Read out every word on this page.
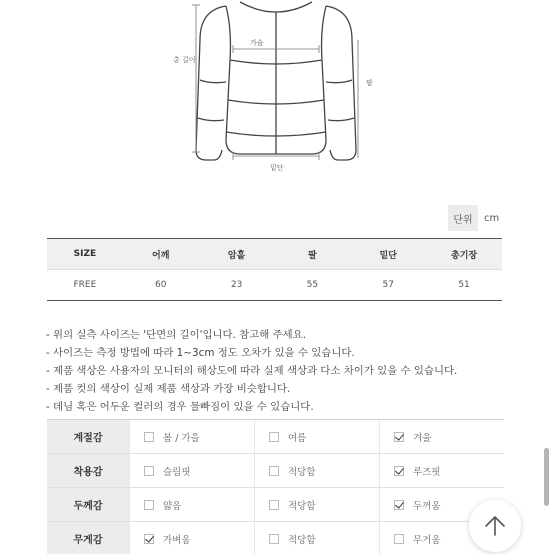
총 길이
가슴
팔
밑단
단위	cm
SIZE	어깨	암홀	팔	밑단	총기장
FREE	60	23	55	57	51
- 위의 실측 사이즈는 '단면의 길이'입니다. 참고해 주세요.
- 사이즈는 측정 방법에 따라 1~3cm 정도 오차가 있을 수 있습니다.
- 제품 색상은 사용자의 모니터의 해상도에 따라 실제 색상과 다소 차이가 있을 수 있습니다.
- 제품 컷의 색상이 실제 제품 색상과 가장 비슷합니다.
- 데님 혹은 어두운 컬러의 경우 물빠짐이 있을 수 있습니다.
계절감	봄 / 가을	여름	겨울
착용감	슬림핏	적당함	루즈핏
두께감	얇음	적당함	두꺼움
무게감	가벼움	적당함	무거움
